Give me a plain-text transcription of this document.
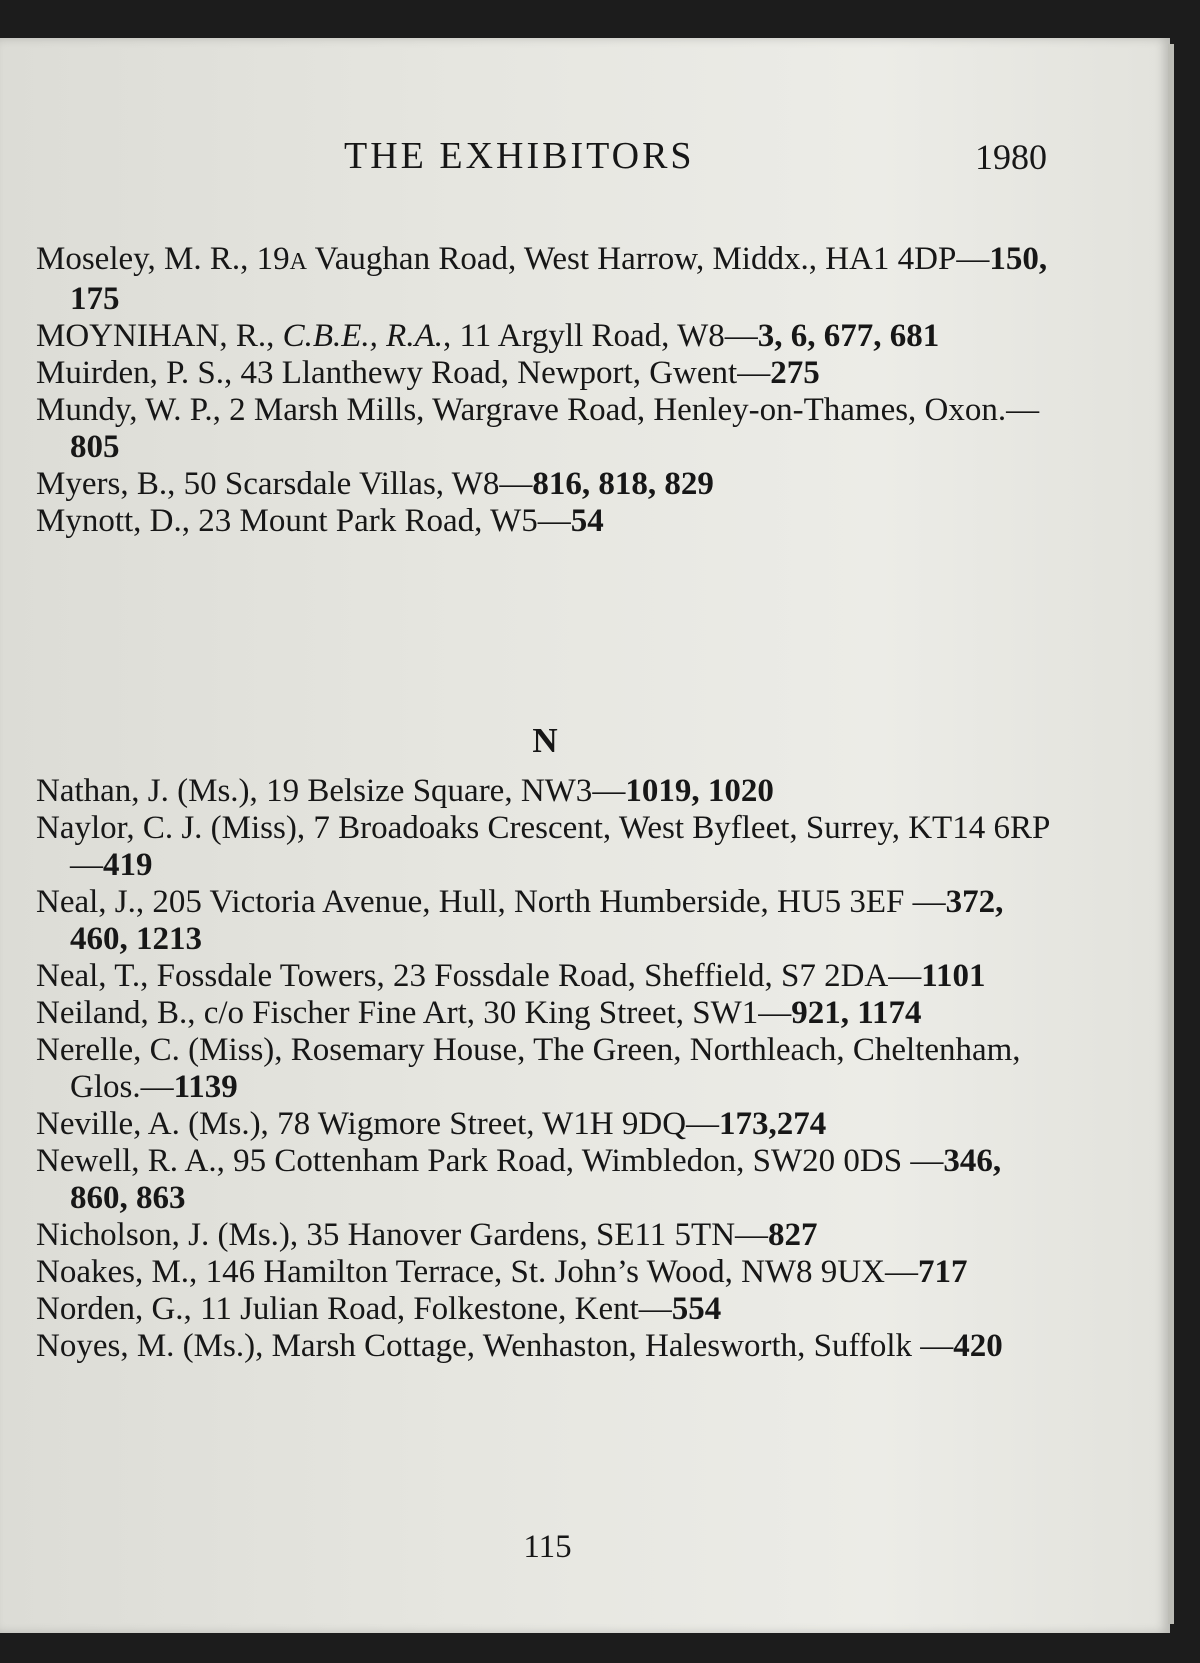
THE EXHIBITORS	1980
Moseley, M. R., 19A Vaughan Road, West Harrow, Middx., HA1 4DP—150, 175
MOYNIHAN, R., C.B.E., R.A., 11 Argyll Road, W8—3, 6, 677, 681
Muirden, P. S., 43 Llanthewy Road, Newport, Gwent—275
Mundy, W. P., 2 Marsh Mills, Wargrave Road, Henley-on-Thames, Oxon.—805
Myers, B., 50 Scarsdale Villas, W8—816, 818, 829
Mynott, D., 23 Mount Park Road, W5—54
N
Nathan, J. (Ms.), 19 Belsize Square, NW3—1019, 1020
Naylor, C. J. (Miss), 7 Broadoaks Crescent, West Byfleet, Surrey, KT14 6RP—419
Neal, J., 205 Victoria Avenue, Hull, North Humberside, HU5 3EF —372, 460, 1213
Neal, T., Fossdale Towers, 23 Fossdale Road, Sheffield, S7 2DA—1101
Neiland, B., c/o Fischer Fine Art, 30 King Street, SW1—921, 1174
Nerelle, C. (Miss), Rosemary House, The Green, Northleach, Cheltenham, Glos.—1139
Neville, A. (Ms.), 78 Wigmore Street, W1H 9DQ—173,274
Newell, R. A., 95 Cottenham Park Road, Wimbledon, SW20 0DS —346, 860, 863
Nicholson, J. (Ms.), 35 Hanover Gardens, SE11 5TN—827
Noakes, M., 146 Hamilton Terrace, St. John’s Wood, NW8 9UX—717
Norden, G., 11 Julian Road, Folkestone, Kent—554
Noyes, M. (Ms.), Marsh Cottage, Wenhaston, Halesworth, Suffolk —420
115
